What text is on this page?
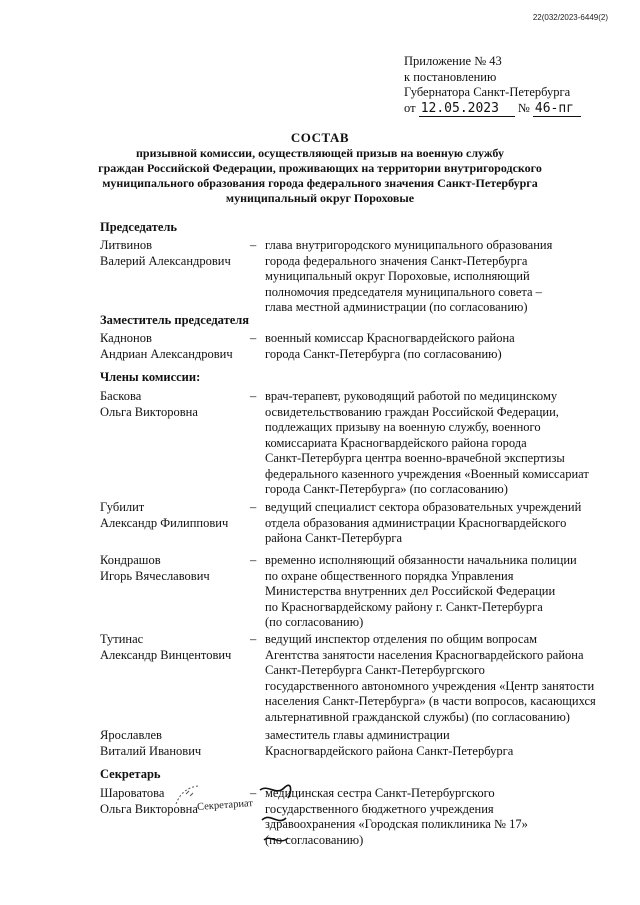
22(032/2023-6449(2)
Приложение № 43
к постановлению
Губернатора Санкт-Петербурга
от 12.05.2023 № 46-пг
СОСТАВ
призывной комиссии, осуществляющей призыв на военную службу
граждан Российской Федерации, проживающих на территории внутригородского
муниципального образования города федерального значения Санкт-Петербурга
муниципальный округ Пороховые
Председатель
Литвинов
Валерий Александрович
– глава внутригородского муниципального образования
города федерального значения Санкт-Петербурга
муниципальный округ Пороховые, исполняющий
полномочия председателя муниципального совета –
глава местной администрации (по согласованию)
Заместитель председателя
Каднонов
Андриан Александрович
– военный комиссар Красногвардейского района
города Санкт-Петербурга (по согласованию)
Члены комиссии:
Баскова
Ольга Викторовна
– врач-терапевт, руководящий работой по медицинскому
освидетельствованию граждан Российской Федерации,
подлежащих призыву на военную службу, военного
комиссариата Красногвардейского района города
Санкт-Петербурга центра военно-врачебной экспертизы
федерального казенного учреждения «Военный комиссариат
города Санкт-Петербурга» (по согласованию)
Губилит
Александр Филиппович
– ведущий специалист сектора образовательных учреждений
отдела образования администрации Красногвардейского
района Санкт-Петербурга
Кондрашов
Игорь Вячеславович
– временно исполняющий обязанности начальника полиции
по охране общественного порядка Управления
Министерства внутренних дел Российской Федерации
по Красногвардейскому району г. Санкт-Петербурга
(по согласованию)
Тутинас
Александр Винцентович
– ведущий инспектор отделения по общим вопросам
Агентства занятости населения Красногвардейского района
Санкт-Петербурга Санкт-Петербургского
государственного автономного учреждения «Центр занятости
населения Санкт-Петербурга» (в части вопросов, касающихся
альтернативной гражданской службы) (по согласованию)
Ярославлев
Виталий Иванович
заместитель главы администрации
Красногвардейского района Санкт-Петербурга
Секретарь
Шароватова
Ольга Викторовна
– медицинская сестра Санкт-Петербургского
государственного бюджетного учреждения
здравоохранения «Городская поликлиника № 17»
(по согласованию)
Секретариат
